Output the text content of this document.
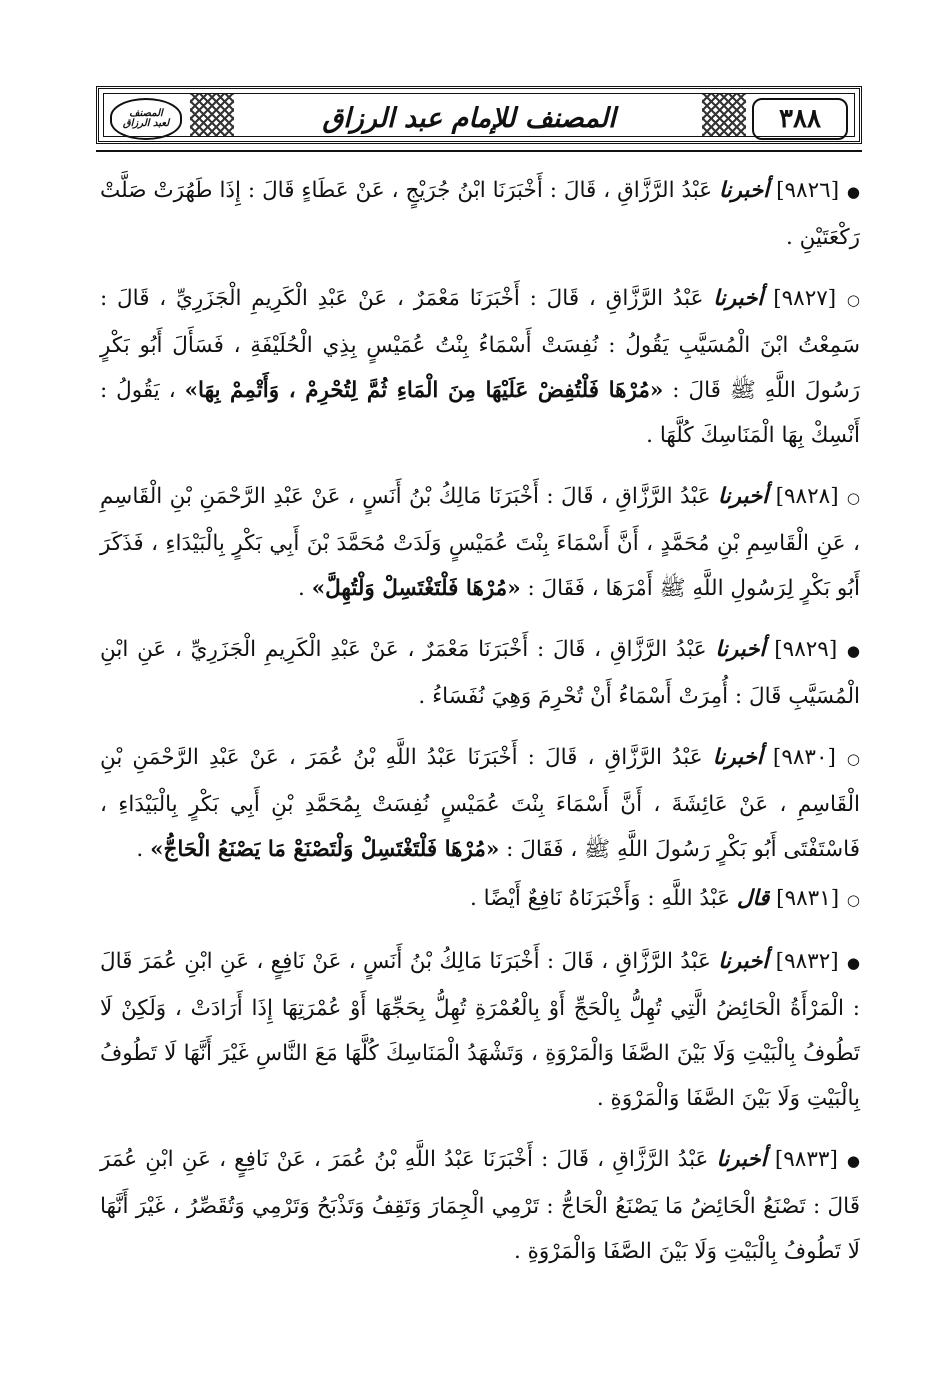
المصنف
لعبد الرزاق	المصنف للإمام عبد الرزاق	٣٨٨

● [٩٨٢٦] أخبرنا عَبْدُ الرَّزَّاقِ ، قَالَ : أَخْبَرَنَا ابْنُ جُرَيْجٍ ، عَنْ عَطَاءٍ قَالَ : إِذَا طَهُرَتْ صَلَّتْ رَكْعَتَيْنِ .

○ [٩٨٢٧] أخبرنا عَبْدُ الرَّزَّاقِ ، قَالَ : أَخْبَرَنَا مَعْمَرٌ ، عَنْ عَبْدِ الْكَرِيمِ الْجَزَرِيِّ ، قَالَ : سَمِعْتُ ابْنَ الْمُسَيَّبِ يَقُولُ : نُفِسَتْ أَسْمَاءُ بِنْتُ عُمَيْسٍ بِذِي الْحُلَيْفَةِ ، فَسَأَلَ أَبُو بَكْرٍ رَسُولَ اللَّهِ ﷺ قَالَ : «مُرْهَا فَلْتُفِضْ عَلَيْهَا مِنَ الْمَاءِ ثُمَّ لِتُحْرِمْ ، وَأَتْمِمْ بِهَا» ، يَقُولُ : أَنْسِكْ بِهَا الْمَنَاسِكَ كُلَّهَا .

○ [٩٨٢٨] أخبرنا عَبْدُ الرَّزَّاقِ ، قَالَ : أَخْبَرَنَا مَالِكُ بْنُ أَنَسٍ ، عَنْ عَبْدِ الرَّحْمَنِ بْنِ الْقَاسِمِ ، عَنِ الْقَاسِمِ بْنِ مُحَمَّدٍ ، أَنَّ أَسْمَاءَ بِنْتَ عُمَيْسٍ وَلَدَتْ مُحَمَّدَ بْنَ أَبِي بَكْرٍ بِالْبَيْدَاءِ ، فَذَكَرَ أَبُو بَكْرٍ لِرَسُولِ اللَّهِ ﷺ أَمْرَهَا ، فَقَالَ : «مُرْهَا فَلْتَغْتَسِلْ وَلْتُهِلَّ» .

● [٩٨٢٩] أخبرنا عَبْدُ الرَّزَّاقِ ، قَالَ : أَخْبَرَنَا مَعْمَرٌ ، عَنْ عَبْدِ الْكَرِيمِ الْجَزَرِيِّ ، عَنِ ابْنِ الْمُسَيَّبِ قَالَ : أُمِرَتْ أَسْمَاءُ أَنْ تُحْرِمَ وَهِيَ نُفَسَاءُ .

○ [٩٨٣٠] أخبرنا عَبْدُ الرَّزَّاقِ ، قَالَ : أَخْبَرَنَا عَبْدُ اللَّهِ بْنُ عُمَرَ ، عَنْ عَبْدِ الرَّحْمَنِ بْنِ الْقَاسِمِ ، عَنْ عَائِشَةَ ، أَنَّ أَسْمَاءَ بِنْتَ عُمَيْسٍ نُفِسَتْ بِمُحَمَّدِ بْنِ أَبِي بَكْرٍ بِالْبَيْدَاءِ ، فَاسْتَفْتَى أَبُو بَكْرٍ رَسُولَ اللَّهِ ﷺ ، فَقَالَ : «مُرْهَا فَلْتَغْتَسِلْ وَلْتَصْنَعْ مَا يَصْنَعُ الْحَاجُّ» .

○ [٩٨٣١] قال عَبْدُ اللَّهِ : وَأَخْبَرَنَاهُ نَافِعٌ أَيْضًا .

● [٩٨٣٢] أخبرنا عَبْدُ الرَّزَّاقِ ، قَالَ : أَخْبَرَنَا مَالِكُ بْنُ أَنَسٍ ، عَنْ نَافِعٍ ، عَنِ ابْنِ عُمَرَ قَالَ : الْمَرْأَةُ الْحَائِضُ الَّتِي تُهِلُّ بِالْحَجِّ أَوْ بِالْعُمْرَةِ تُهِلُّ بِحَجِّهَا أَوْ عُمْرَتِهَا إِذَا أَرَادَتْ ، وَلَكِنْ لَا تَطُوفُ بِالْبَيْتِ وَلَا بَيْنَ الصَّفَا وَالْمَرْوَةِ ، وَتَشْهَدُ الْمَنَاسِكَ كُلَّهَا مَعَ النَّاسِ غَيْرَ أَنَّهَا لَا تَطُوفُ بِالْبَيْتِ وَلَا بَيْنَ الصَّفَا وَالْمَرْوَةِ .

● [٩٨٣٣] أخبرنا عَبْدُ الرَّزَّاقِ ، قَالَ : أَخْبَرَنَا عَبْدُ اللَّهِ بْنُ عُمَرَ ، عَنْ نَافِعٍ ، عَنِ ابْنِ عُمَرَ قَالَ : تَصْنَعُ الْحَائِضُ مَا يَصْنَعُ الْحَاجُّ : تَرْمِي الْجِمَارَ وَتَقِفُ وَتَذْبَحُ وَتَرْمِي وَتُقَصِّرُ ، غَيْرَ أَنَّهَا لَا تَطُوفُ بِالْبَيْتِ وَلَا بَيْنَ الصَّفَا وَالْمَرْوَةِ .
